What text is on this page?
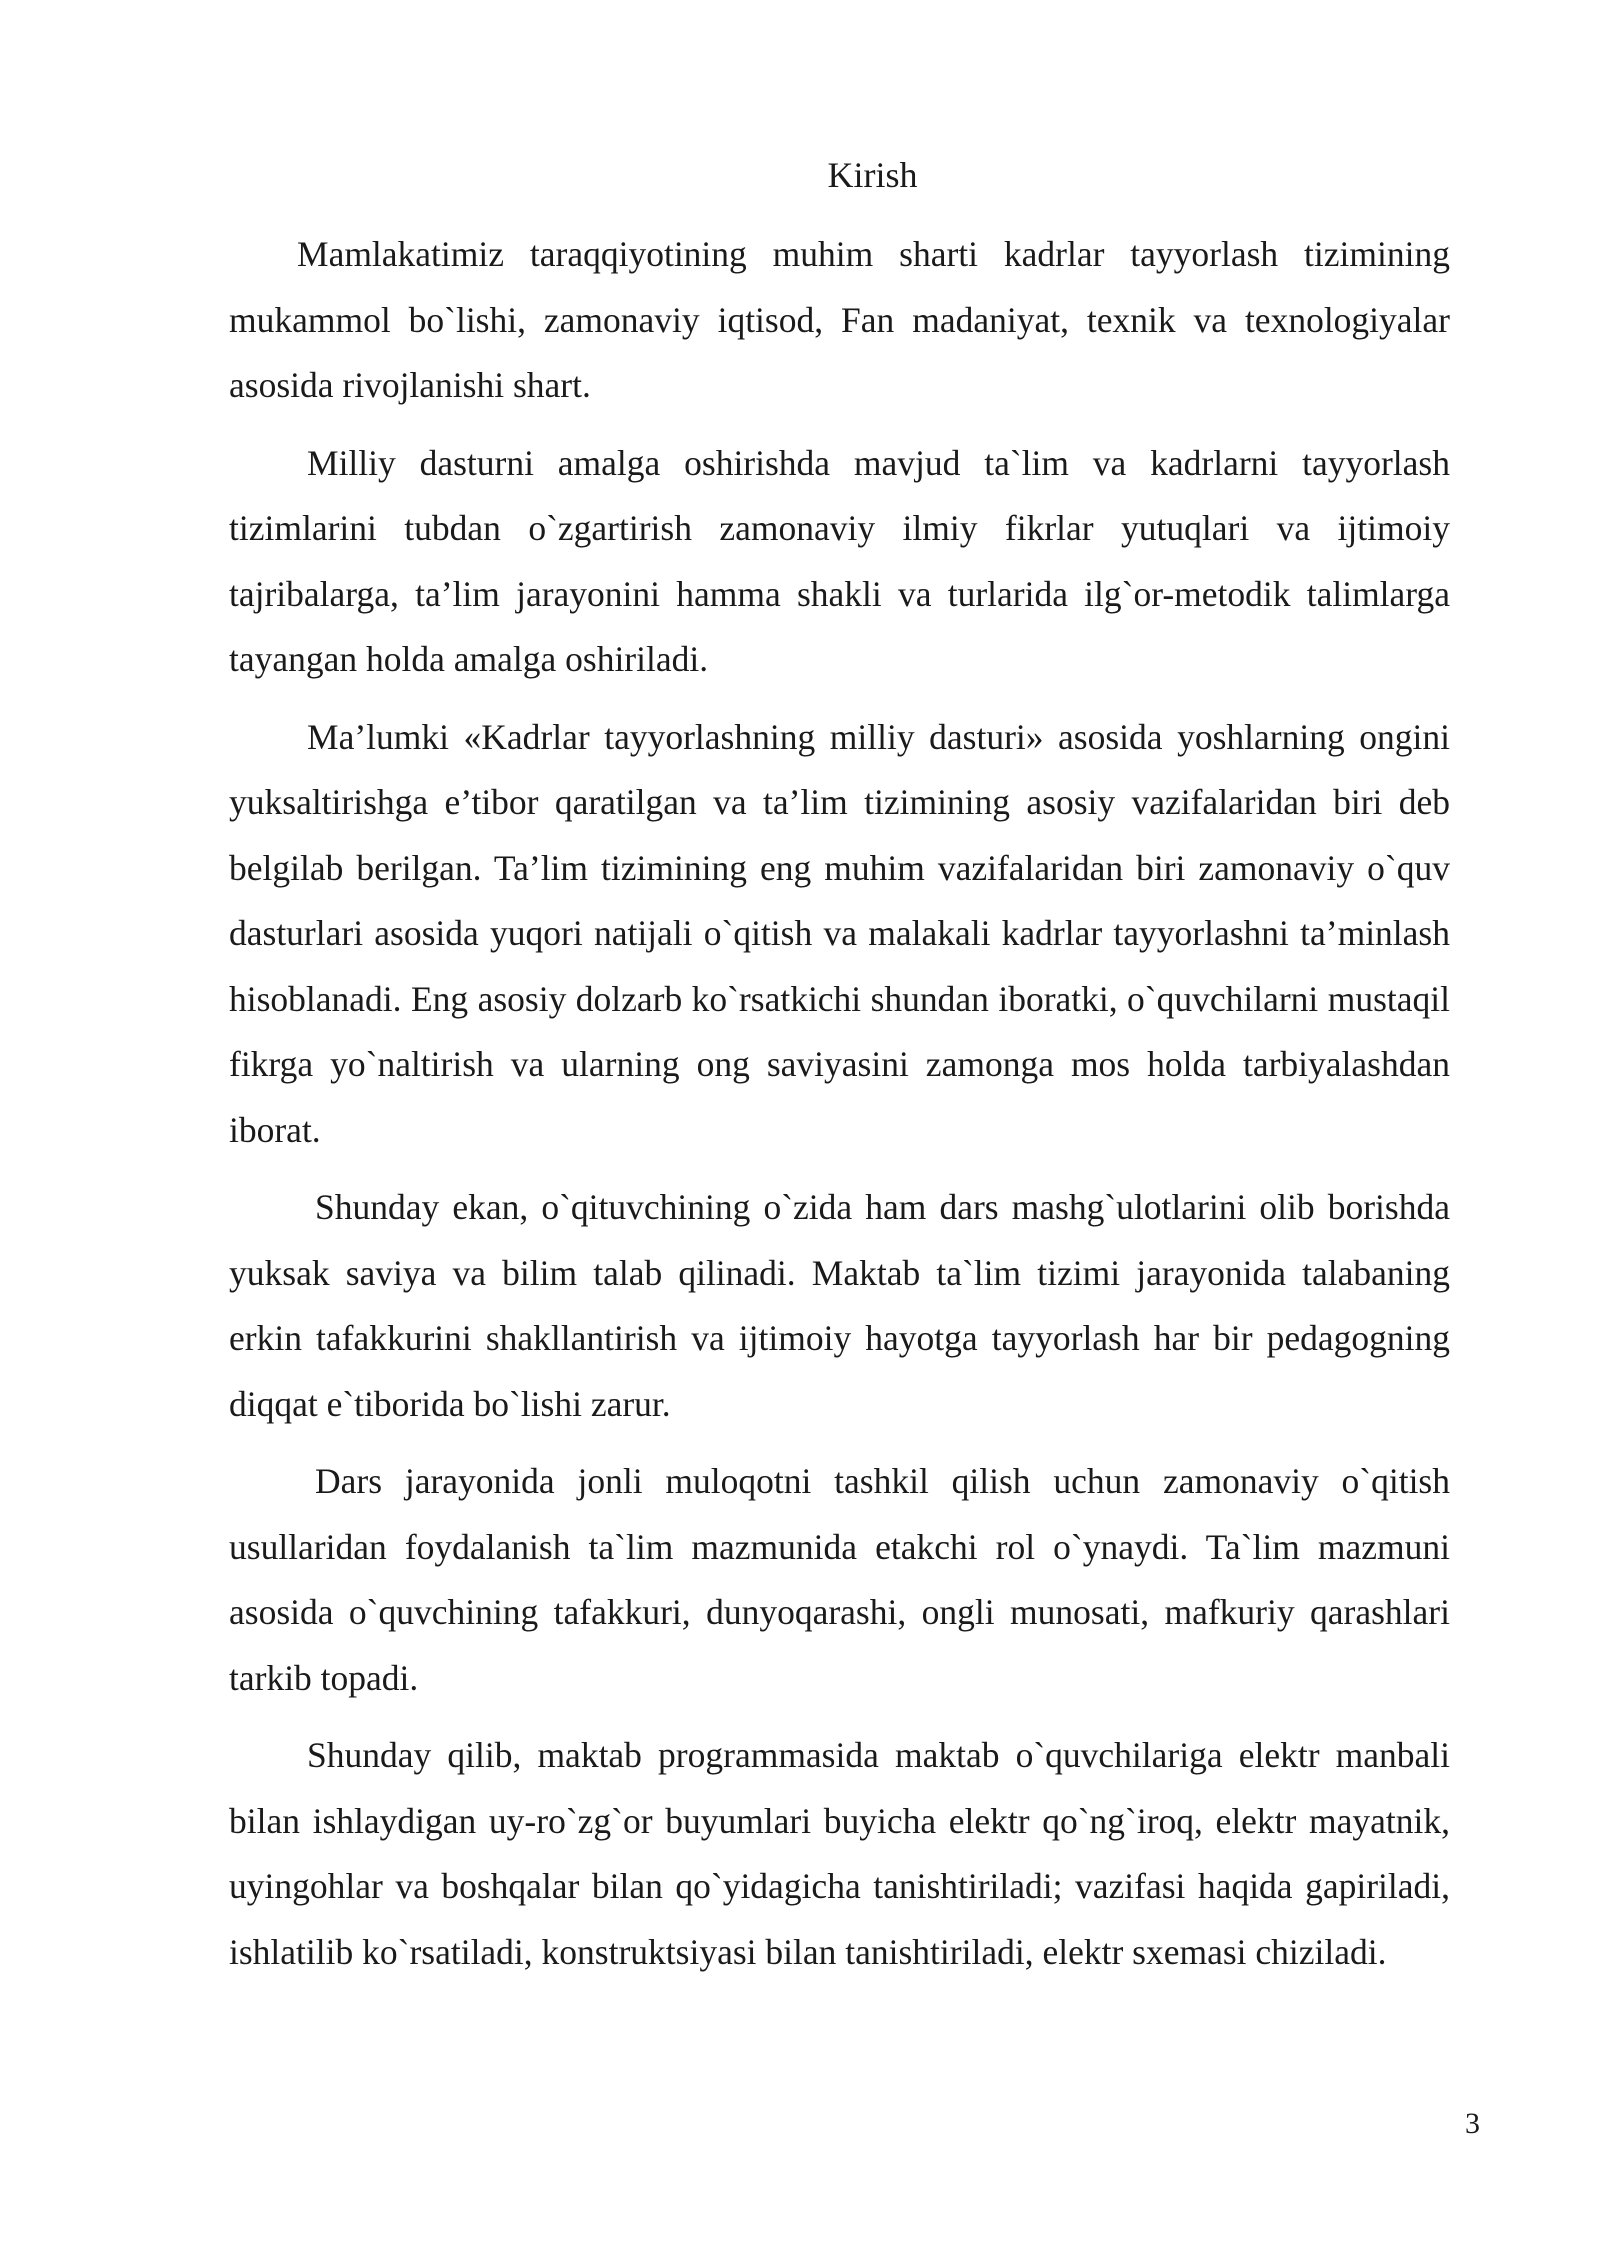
Kirish

Mamlakatimiz taraqqiyotining muhim sharti kadrlar tayyorlash tizimining mukammol bo`lishi, zamonaviy iqtisod, Fan madaniyat, texnik va texnologiyalar asosida rivojlanishi shart.

Milliy dasturni amalga oshirishda mavjud ta`lim va kadrlarni tayyorlash tizimlarini tubdan o`zgartirish zamonaviy ilmiy fikrlar yutuqlari va ijtimoiy tajribalarga, ta’lim jarayonini hamma shakli va turlarida ilg`or-metodik talimlarga tayangan holda amalga oshiriladi.

Ma’lumki «Kadrlar tayyorlashning milliy dasturi» asosida yoshlarning ongini yuksaltirishga e’tibor qaratilgan va ta’lim tizimining asosiy vazifalaridan biri deb belgilab berilgan. Ta’lim tizimining eng muhim vazifalaridan biri zamonaviy o`quv dasturlari asosida yuqori natijali o`qitish va malakali kadrlar tayyorlashni ta’minlash hisoblanadi. Eng asosiy dolzarb ko`rsatkichi shundan iboratki, o`quvchilarni mustaqil fikrga yo`naltirish va ularning ong saviyasini zamonga mos holda tarbiyalashdan iborat.

Shunday ekan, o`qituvchining o`zida ham dars mashg`ulotlarini olib borishda yuksak saviya va bilim talab qilinadi. Maktab ta`lim tizimi jarayonida talabaning erkin tafakkurini shakllantirish va ijtimoiy hayotga tayyorlash har bir pedagogning diqqat e`tiborida bo`lishi zarur.

Dars jarayonida jonli muloqotni tashkil qilish uchun zamonaviy o`qitish usullaridan foydalanish ta`lim mazmunida etakchi rol o`ynaydi. Ta`lim mazmuni asosida o`quvchining tafakkuri, dunyoqarashi, ongli munosati, mafkuriy qarashlari tarkib topadi.

Shunday qilib, maktab programmasida maktab o`quvchilariga elektr manbali bilan ishlaydigan uy-ro`zg`or buyumlari buyicha elektr qo`ng`iroq, elektr mayatnik, uyingohlar va boshqalar bilan qo`yidagicha tanishtiriladi; vazifasi haqida gapiriladi, ishlatilib ko`rsatiladi, konstruktsiyasi bilan tanishtiriladi, elektr sxemasi chiziladi.

3
